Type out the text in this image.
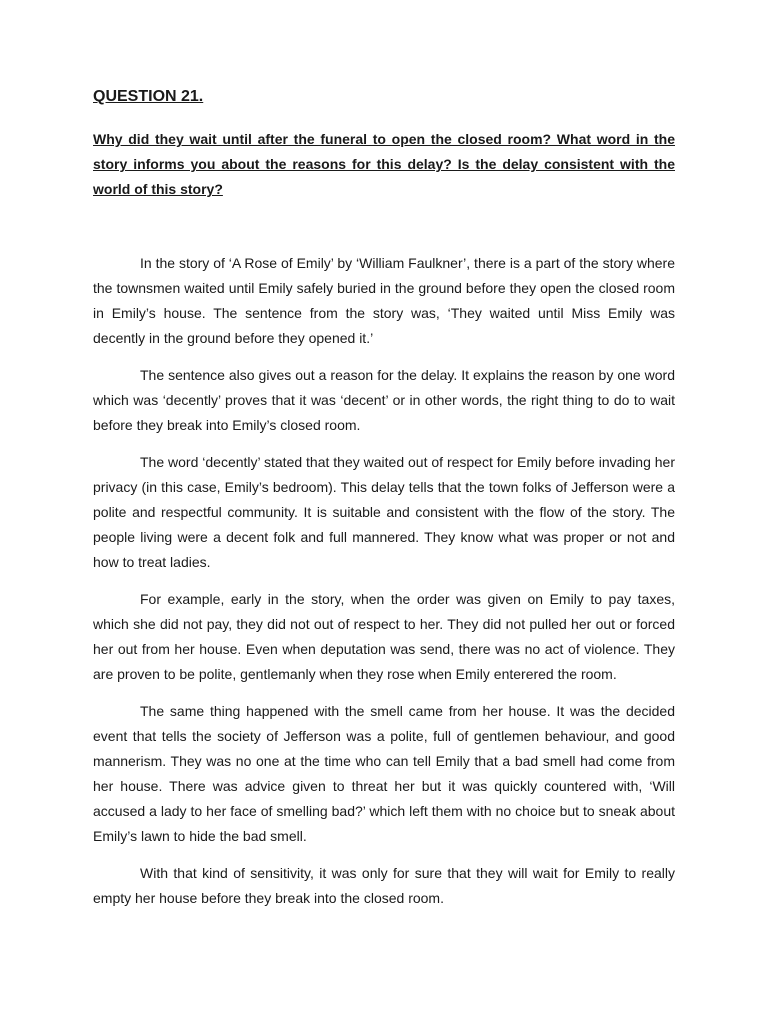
QUESTION 21.

Why did they wait until after the funeral to open the closed room? What word in the story informs you about the reasons for this delay? Is the delay consistent with the world of this story?

In the story of ‘A Rose of Emily’ by ‘William Faulkner’, there is a part of the story where the townsmen waited until Emily safely buried in the ground before they open the closed room in Emily’s house. The sentence from the story was, ‘They waited until Miss Emily was decently in the ground before they opened it.’

The sentence also gives out a reason for the delay. It explains the reason by one word which was ‘decently’ proves that it was ‘decent’ or in other words, the right thing to do to wait before they break into Emily’s closed room.

The word ‘decently’ stated that they waited out of respect for Emily before invading her privacy (in this case, Emily’s bedroom). This delay tells that the town folks of Jefferson were a polite and respectful community. It is suitable and consistent with the flow of the story. The people living were a decent folk and full mannered. They know what was proper or not and how to treat ladies.

For example, early in the story, when the order was given on Emily to pay taxes, which she did not pay, they did not out of respect to her. They did not pulled her out or forced her out from her house. Even when deputation was send, there was no act of violence. They are proven to be polite, gentlemanly when they rose when Emily enterered the room.

The same thing happened with the smell came from her house. It was the decided event that tells the society of Jefferson was a polite, full of gentlemen behaviour, and good mannerism. They was no one at the time who can tell Emily that a bad smell had come from her house. There was advice given to threat her but it was quickly countered with, ‘Will accused a lady to her face of smelling bad?’ which left them with no choice but to sneak about Emily’s lawn to hide the bad smell.

With that kind of sensitivity, it was only for sure that they will wait for Emily to really empty her house before they break into the closed room.
